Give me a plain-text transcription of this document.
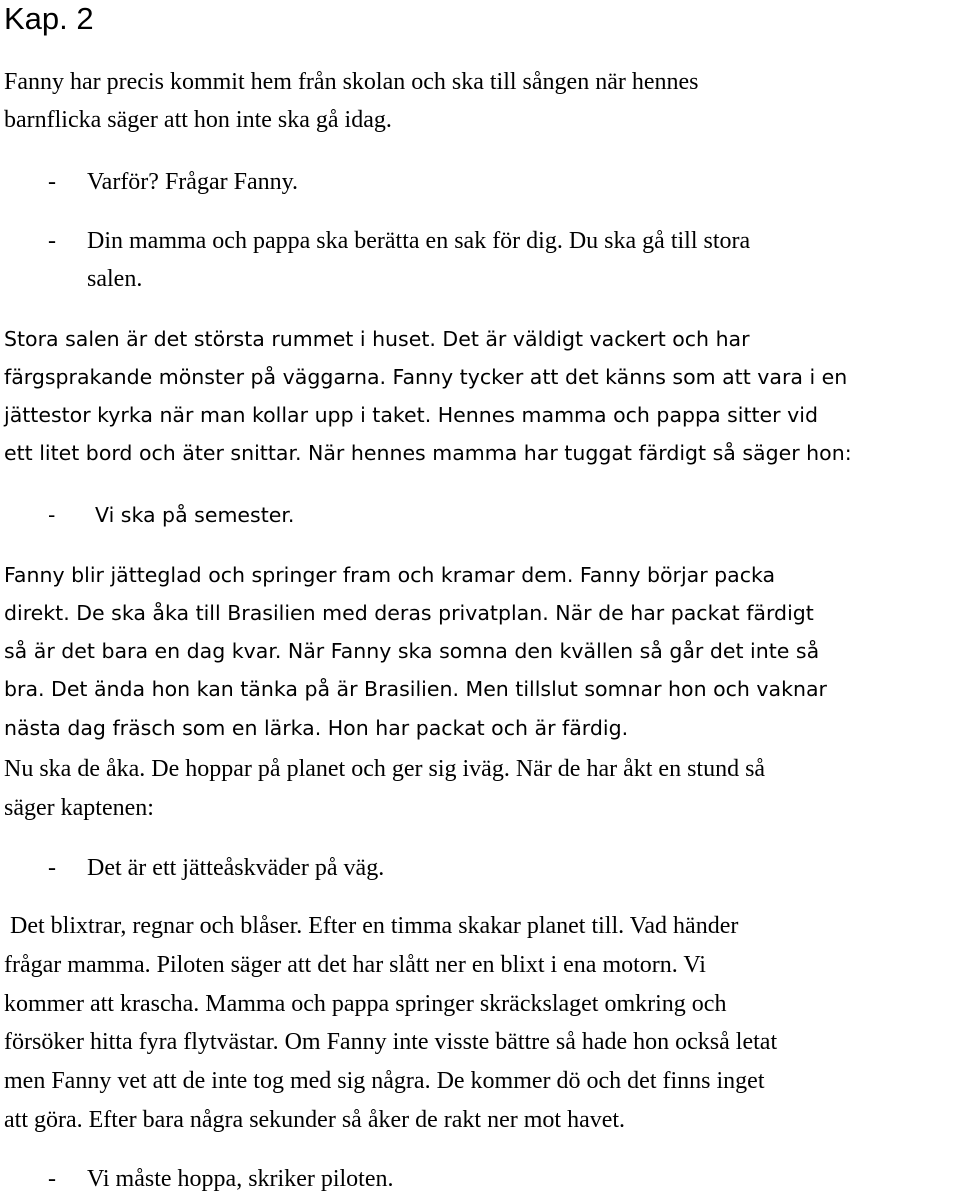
Kap. 2

Fanny har precis kommit hem från skolan och ska till sången när hennes

barnflicka säger att hon inte ska gå idag.

- Varför? Frågar Fanny.
- Din mamma och pappa ska berätta en sak för dig. Du ska gå till stora

salen.

Stora salen är det största rummet i huset. Det är väldigt vackert och har

färgsprakande mönster på väggarna. Fanny tycker att det känns som att vara i en

jättestor kyrka när man kollar upp i taket. Hennes mamma och pappa sitter vid

ett litet bord och äter snittar. När hennes mamma har tuggat färdigt så säger hon:

- Vi ska på semester.

Fanny blir jätteglad och springer fram och kramar dem. Fanny börjar packa

direkt. De ska åka till Brasilien med deras privatplan. När de har packat färdigt

så är det bara en dag kvar. När Fanny ska somna den kvällen så går det inte så

bra. Det ända hon kan tänka på är Brasilien. Men tillslut somnar hon och vaknar

nästa dag fräsch som en lärka. Hon har packat och är färdig.

Nu ska de åka. De hoppar på planet och ger sig iväg. När de har åkt en stund så

säger kaptenen:

- Det är ett jätteåskväder på väg.

Det blixtrar, regnar och blåser. Efter en timma skakar planet till. Vad händer

frågar mamma. Piloten säger att det har slått ner en blixt i ena motorn. Vi

kommer att krascha. Mamma och pappa springer skräckslaget omkring och

försöker hitta fyra flytvästar. Om Fanny inte visste bättre så hade hon också letat

men Fanny vet att de inte tog med sig några. De kommer dö och det finns inget

att göra. Efter bara några sekunder så åker de rakt ner mot havet.

- Vi måste hoppa, skriker piloten.
